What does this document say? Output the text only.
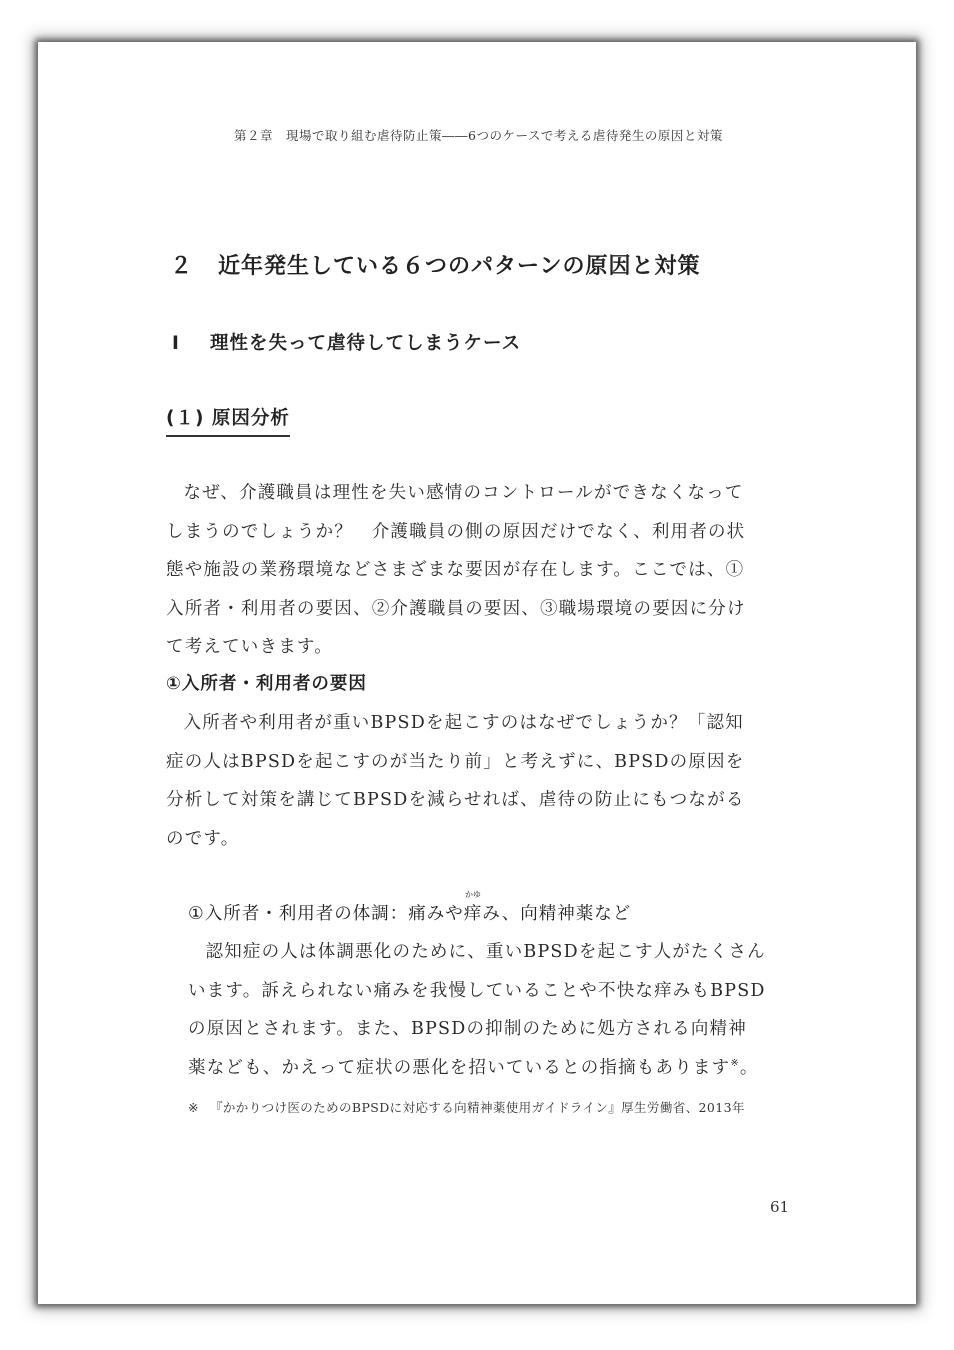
第２章　現場で取り組む虐待防止策――6つのケースで考える虐待発生の原因と対策
２ 近年発生している６つのパターンの原因と対策
Ⅰ 理性を失って虐待してしまうケース
(１) 原因分析

なぜ、介護職員は理性を失い感情のコントロールができなくなって
しまうのでしょうか？　介護職員の側の原因だけでなく、利用者の状
態や施設の業務環境などさまざまな要因が存在します。ここでは、①
入所者・利用者の要因、②介護職員の要因、③職場環境の要因に分け
て考えていきます。

①入所者・利用者の要因

入所者や利用者が重いBPSDを起こすのはなぜでしょうか？「認知
症の人はBPSDを起こすのが当たり前」と考えずに、BPSDの原因を
分析して対策を講じてBPSDを減らせれば、虐待の防止にもつながる
のです。

①入所者・利用者の体調：痛みや
かゆ
痒み、向精神薬など

認知症の人は体調悪化のために、重いBPSDを起こす人がたくさん
います。訴えられない痛みを我慢していることや不快な痒みもBPSD
の原因とされます。また、BPSDの抑制のために処方される向精神
薬なども、かえって症状の悪化を招いているとの指摘もあります※。

※ 『かかりつけ医のためのBPSDに対応する向精神薬使用ガイドライン』厚生労働省、2013年
61
